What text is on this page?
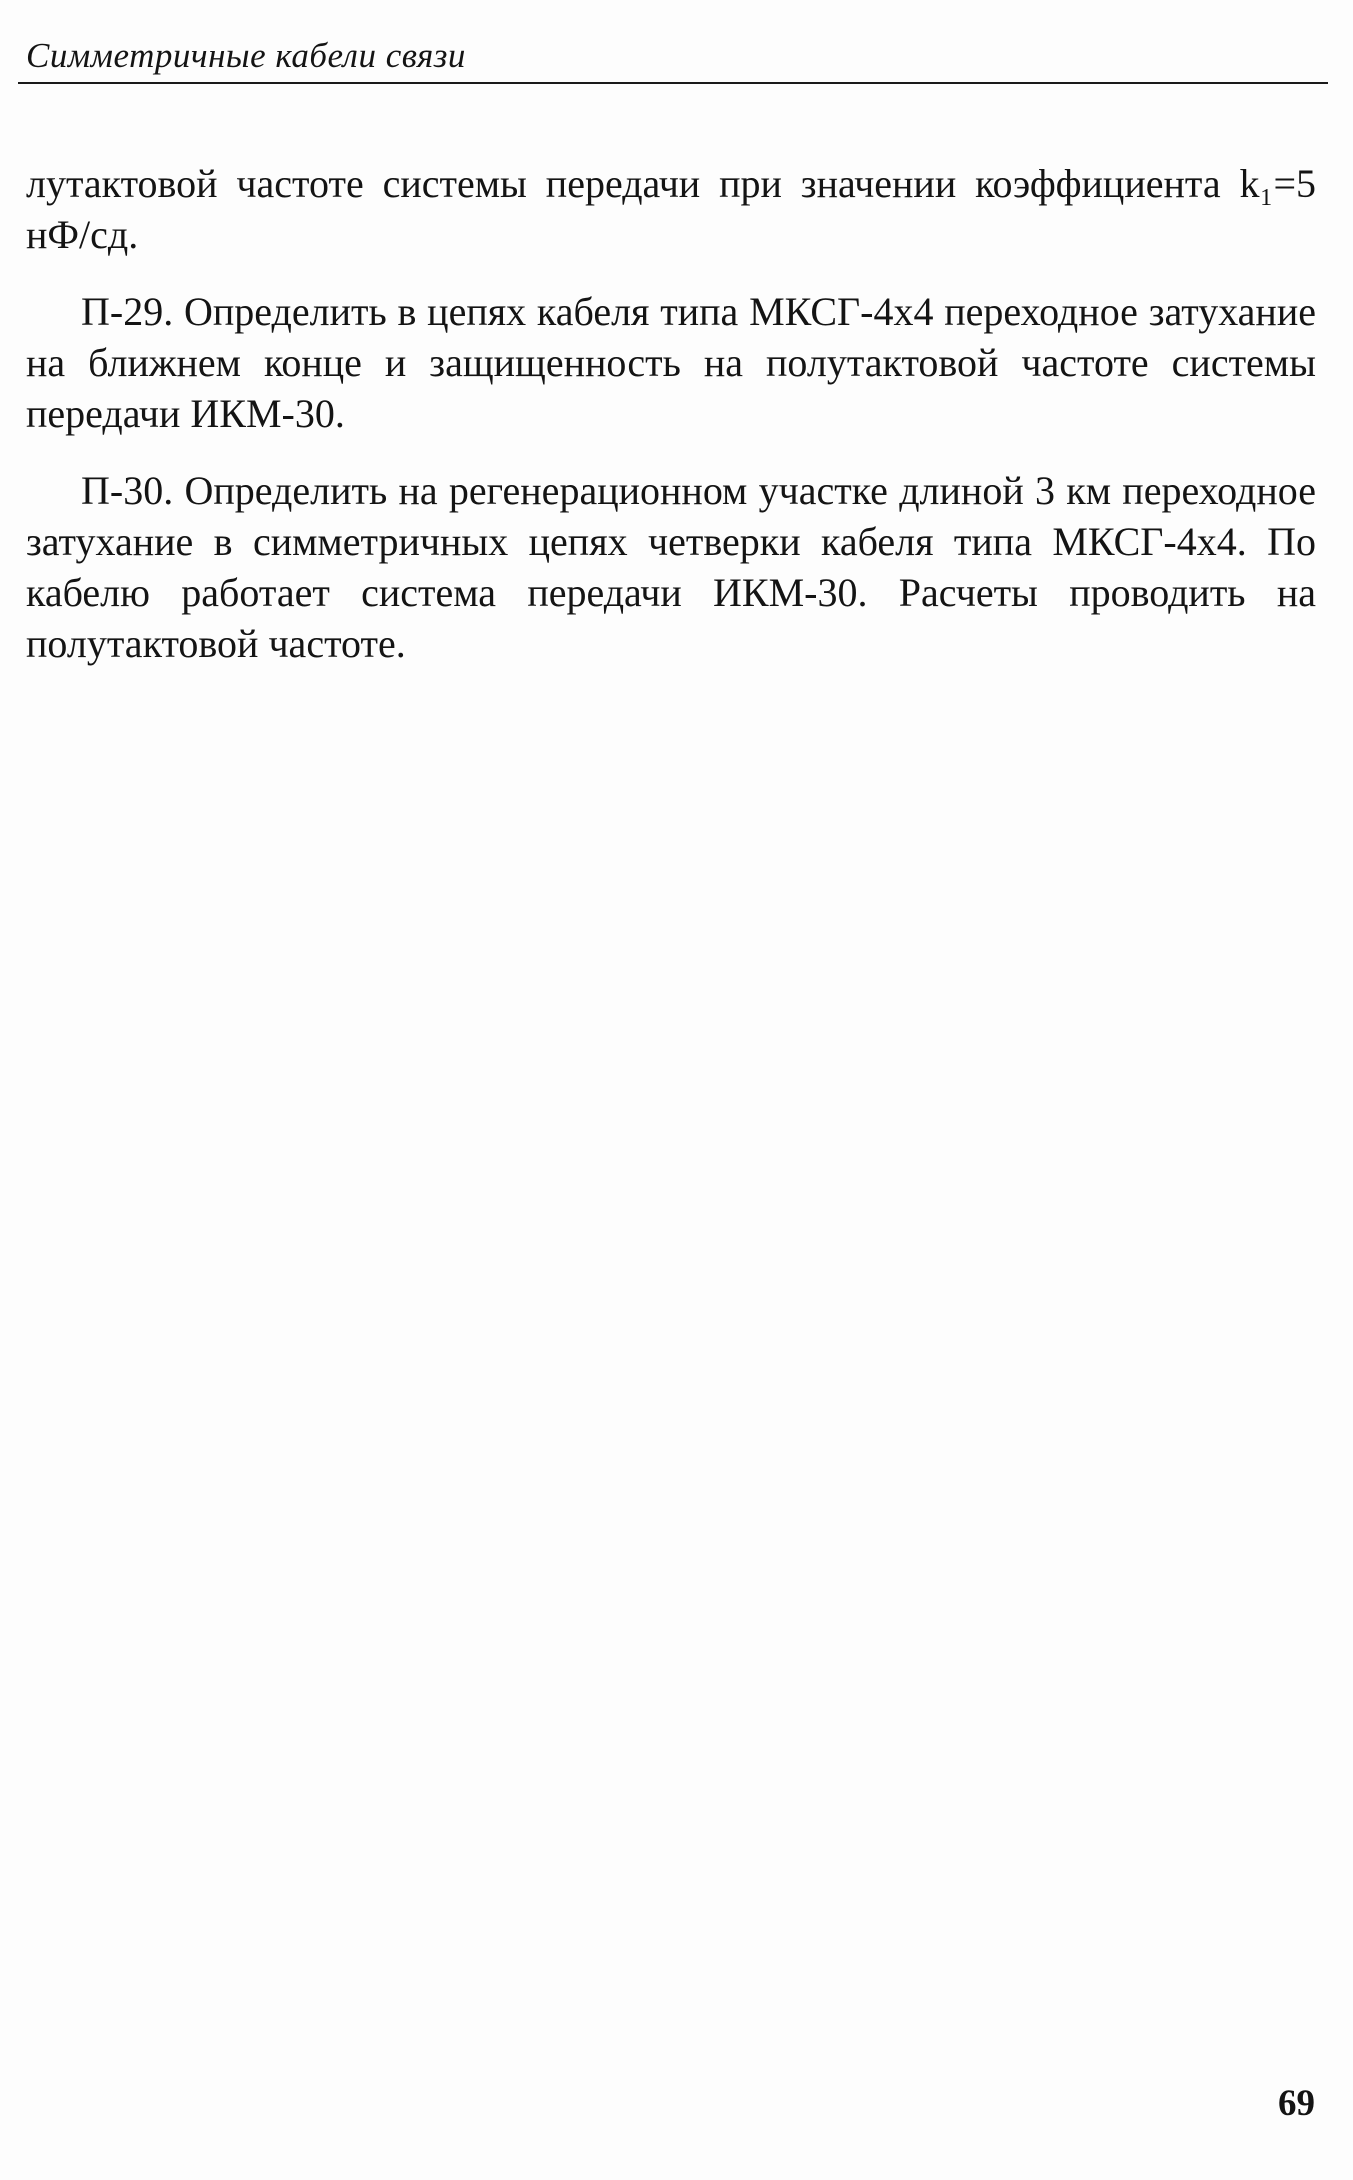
Симметричные кабели связи

лутактовой частоте системы передачи при значении коэффициента k₁=5 нФ/сд.

П-29. Определить в цепях кабеля типа МКСГ-4х4 переходное затухание на ближнем конце и защищенность на полутактовой частоте системы передачи ИКМ-30.

П-30. Определить на регенерационном участке длиной 3 км переходное затухание в симметричных цепях четверки кабеля типа МКСГ-4х4. По кабелю работает система передачи ИКМ-30. Расчеты проводить на полутактовой частоте.

69
